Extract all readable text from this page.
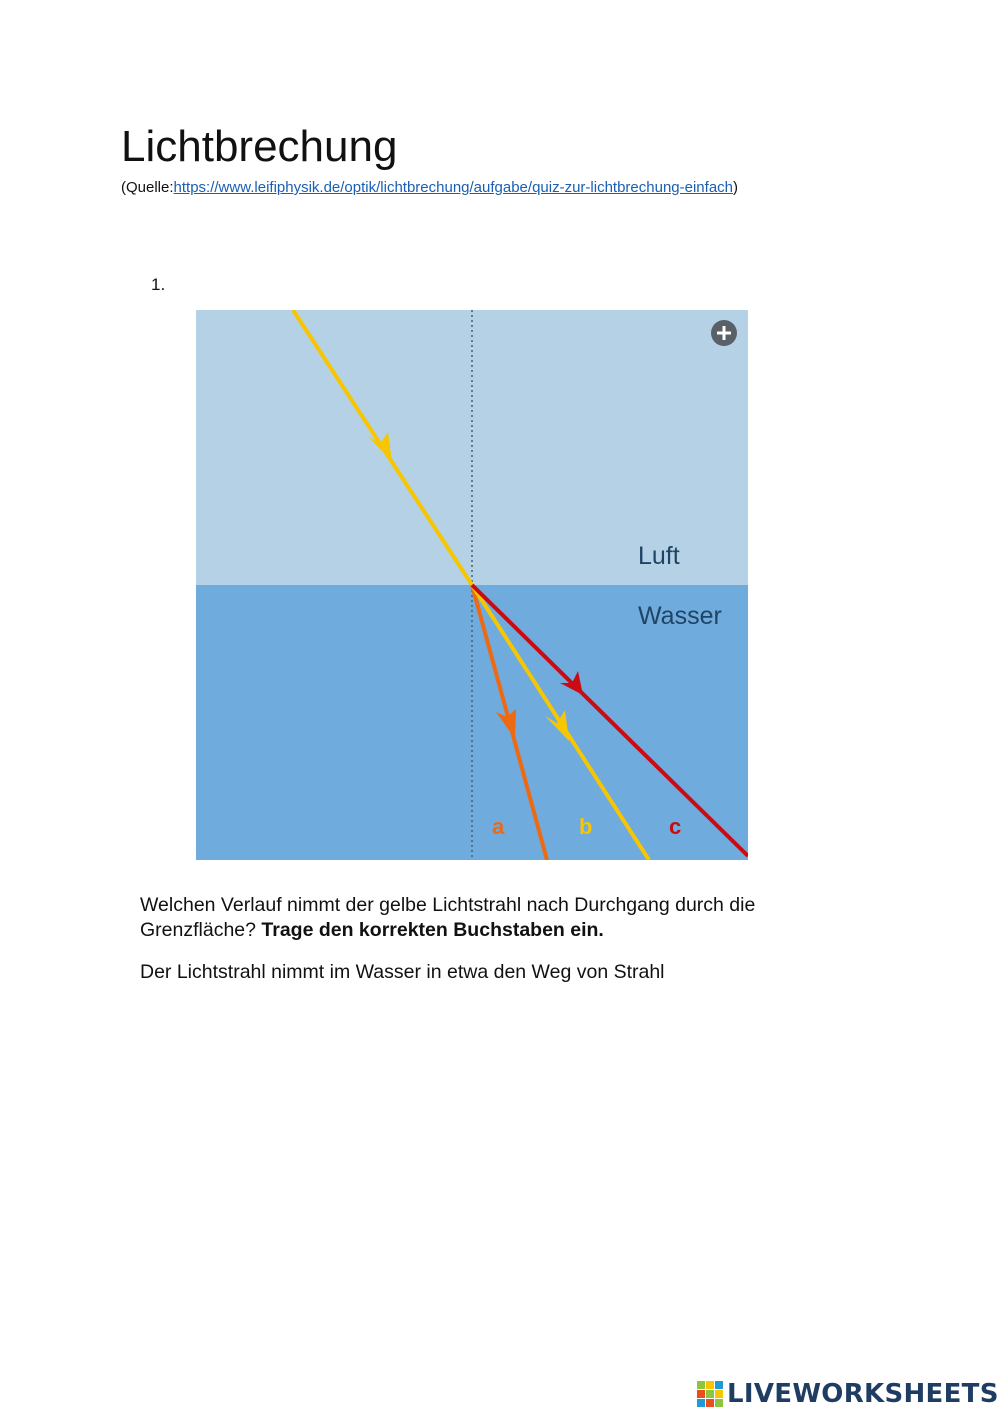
Lichtbrechung
(Quelle:https://www.leifiphysik.de/optik/lichtbrechung/aufgabe/quiz-zur-lichtbrechung-einfach)
1.
Luft
Wasser
a	b	c
Welchen Verlauf nimmt der gelbe Lichtstrahl nach Durchgang durch die Grenzfläche? Trage den korrekten Buchstaben ein.
Der Lichtstrahl nimmt im Wasser in etwa den Weg von Strahl
LIVEWORKSHEETS
